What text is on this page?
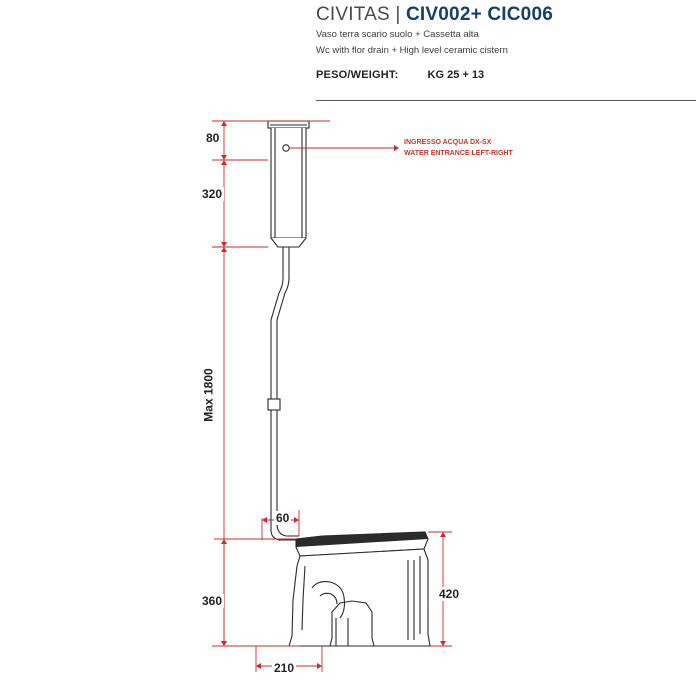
CIVITAS | CIV002+ CIC006
Vaso terra scario suolo + Cassetta alta
Wc with flor drain + High level ceramic cistern
PESO/WEIGHT:	KG 25 + 13
80
320
Max 1800
60
360	420
210
INGRESSO ACQUA DX-SX
WATER ENTRANCE LEFT-RIGHT
